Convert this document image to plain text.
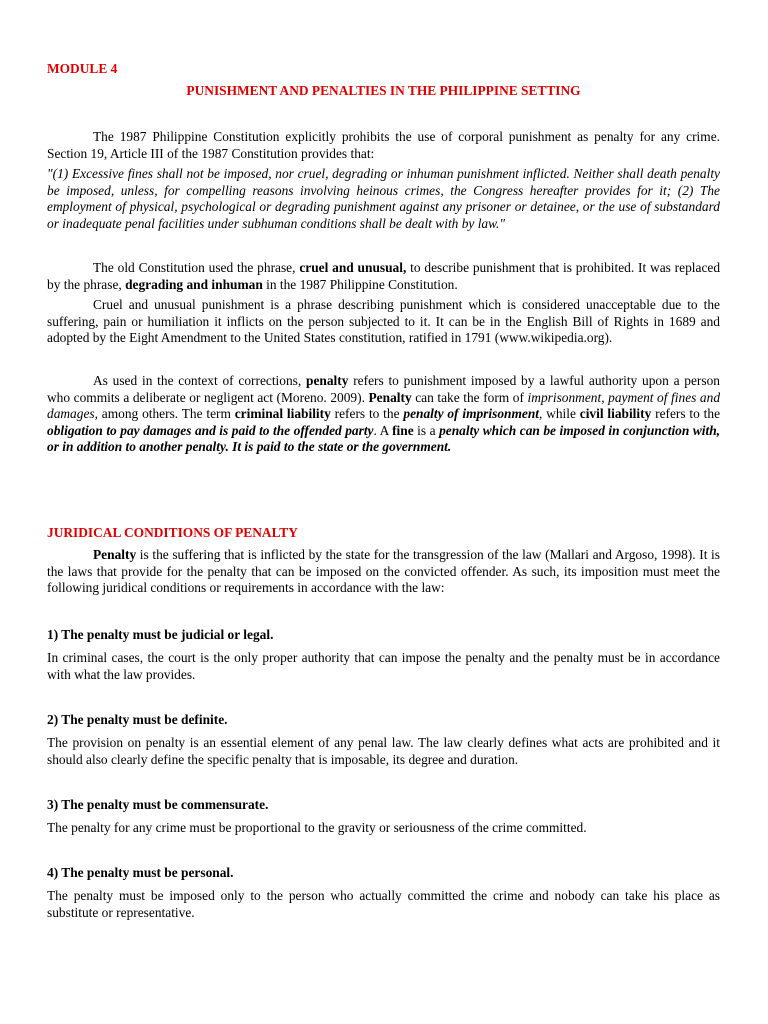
MODULE 4

PUNISHMENT AND PENALTIES IN THE PHILIPPINE SETTING

The 1987 Philippine Constitution explicitly prohibits the use of corporal punishment as penalty for any crime. Section 19, Article III of the 1987 Constitution provides that:

"(1) Excessive fines shall not be imposed, nor cruel, degrading or inhuman punishment inflicted. Neither shall death penalty be imposed, unless, for compelling reasons involving heinous crimes, the Congress hereafter provides for it; (2) The employment of physical, psychological or degrading punishment against any prisoner or detainee, or the use of substandard or inadequate penal facilities under subhuman conditions shall be dealt with by law."

The old Constitution used the phrase, cruel and unusual, to describe punishment that is prohibited. It was replaced by the phrase, degrading and inhuman in the 1987 Philippine Constitution.

Cruel and unusual punishment is a phrase describing punishment which is considered unacceptable due to the suffering, pain or humiliation it inflicts on the person subjected to it. It can be in the English Bill of Rights in 1689 and adopted by the Eight Amendment to the United States constitution, ratified in 1791 (www.wikipedia.org).

As used in the context of corrections, penalty refers to punishment imposed by a lawful authority upon a person who commits a deliberate or negligent act (Moreno. 2009). Penalty can take the form of imprisonment, payment of fines and damages, among others. The term criminal liability refers to the penalty of imprisonment, while civil liability refers to the obligation to pay damages and is paid to the offended party. A fine is a penalty which can be imposed in conjunction with, or in addition to another penalty. It is paid to the state or the government.

JURIDICAL CONDITIONS OF PENALTY

Penalty is the suffering that is inflicted by the state for the transgression of the law (Mallari and Argoso, 1998). It is the laws that provide for the penalty that can be imposed on the convicted offender. As such, its imposition must meet the following juridical conditions or requirements in accordance with the law:

1) The penalty must be judicial or legal.

In criminal cases, the court is the only proper authority that can impose the penalty and the penalty must be in accordance with what the law provides.

2) The penalty must be definite.

The provision on penalty is an essential element of any penal law. The law clearly defines what acts are prohibited and it should also clearly define the specific penalty that is imposable, its degree and duration.

3) The penalty must be commensurate.

The penalty for any crime must be proportional to the gravity or seriousness of the crime committed.

4) The penalty must be personal.

The penalty must be imposed only to the person who actually committed the crime and nobody can take his place as substitute or representative.
